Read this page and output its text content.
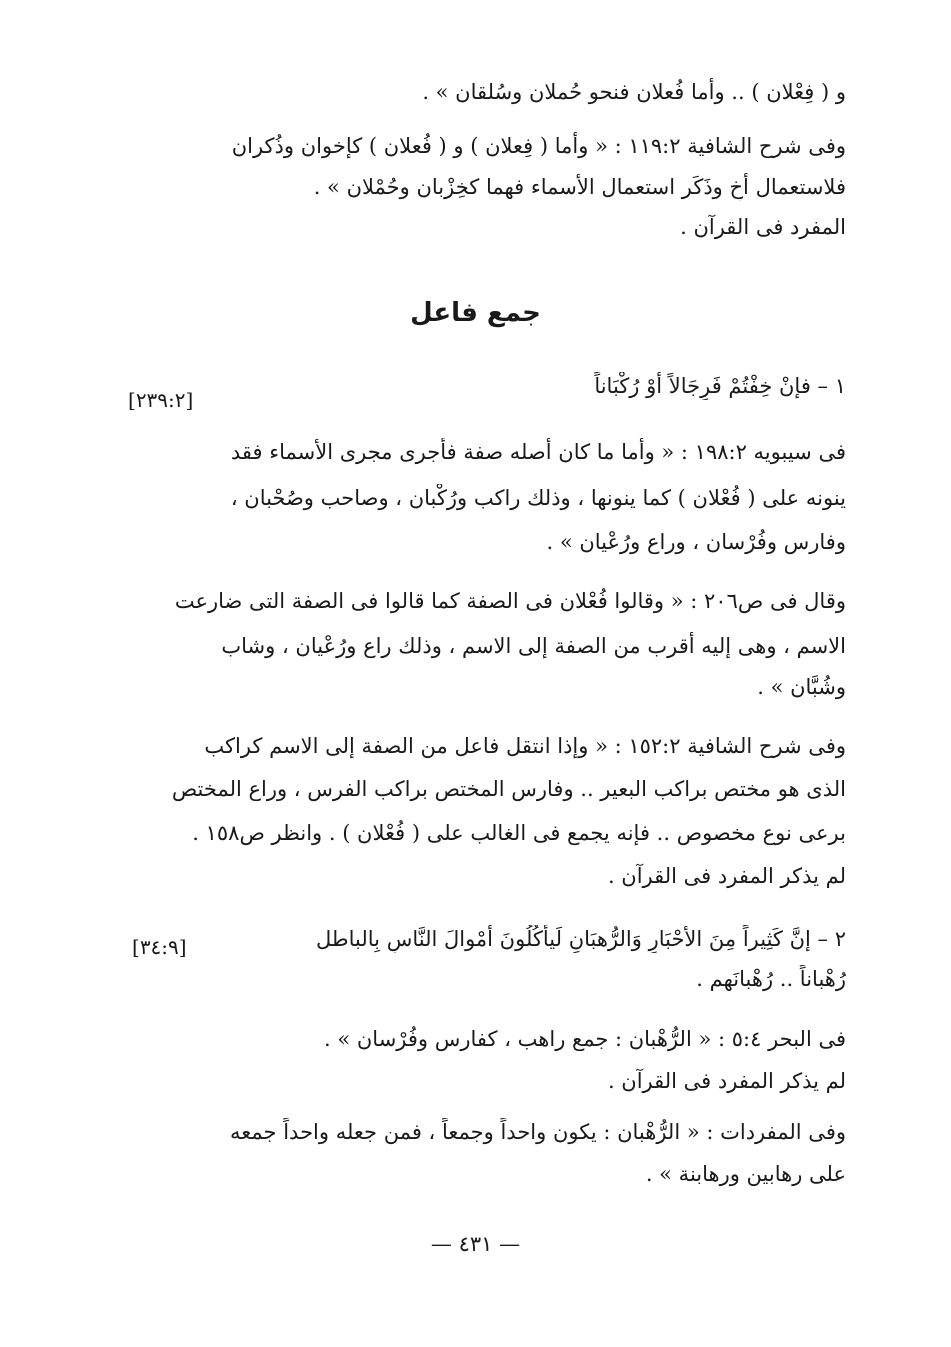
و ( فِعْلان ) .. وأما فُعلان فنحو حُملان وسُلقان » .
وفى شرح الشافية ١١٩:٢ : « وأما ( فِعلان ) و ( فُعلان ) كإخوان وذُكران
فلاستعمال أخٍ وذَكَر استعمال الأسماء فهما كخِزْبان وحُمْلان » .
المفرد فى القرآن .
جمع فاعل
١ – فإنْ خِفْتُمْ فَرِجَالاً أَوْ رُكْبَاناً
[٢٣٩:٢]
فى سيبويه ١٩٨:٢ : « وأما ما كان أصله صفة فأجرى مجرى الأسماء فقد
ينونه على ( فُعْلان ) كما ينونها ، وذلك راكب ورُكْبان ، وصاحب وصُحْبان ،
وفارس وفُرْسان ، وراع ورُعْيان » .
وقال فى ص٢٠٦ : « وقالوا فُعْلان فى الصفة كما قالوا فى الصفة التى ضارعت
الاسم ، وهى إليه أقرب من الصفة إلى الاسم ، وذلك راع ورُعْيان ، وشاب
وشُبَّان » .
وفى شرح الشافية ١٥٢:٢ : « وإذا انتقل فاعل من الصفة إلى الاسم كراكب
الذى هو مختص براكب البعير .. وفارس المختص براكب الفرس ، وراع المختص
برعى نوع مخصوص .. فإنه يجمع فى الغالب على ( فُعْلان ) . وانظر ص١٥٨ .
لم يذكر المفرد فى القرآن .
٢ – إنَّ كَثِيراً مِنَ الأَحْبَارِ وَالرُّهبَانِ لَيأْكُلُونَ أَمْوالَ النَّاسِ بِالباطل
[٣٤:٩]
رُهْباناً .. رُهْبانَهم .
فى البحر ٥:٤ : « الرُّهْبان : جمع راهب ، كفارس وفُرْسان » .
لم يذكر المفرد فى القرآن .
وفى المفردات : « الرُّهْبان : يكون واحداً وجمعاً ، فمن جعله واحداً جمعه
على رهابين ورهابنة » .
— ٤٣١ —
